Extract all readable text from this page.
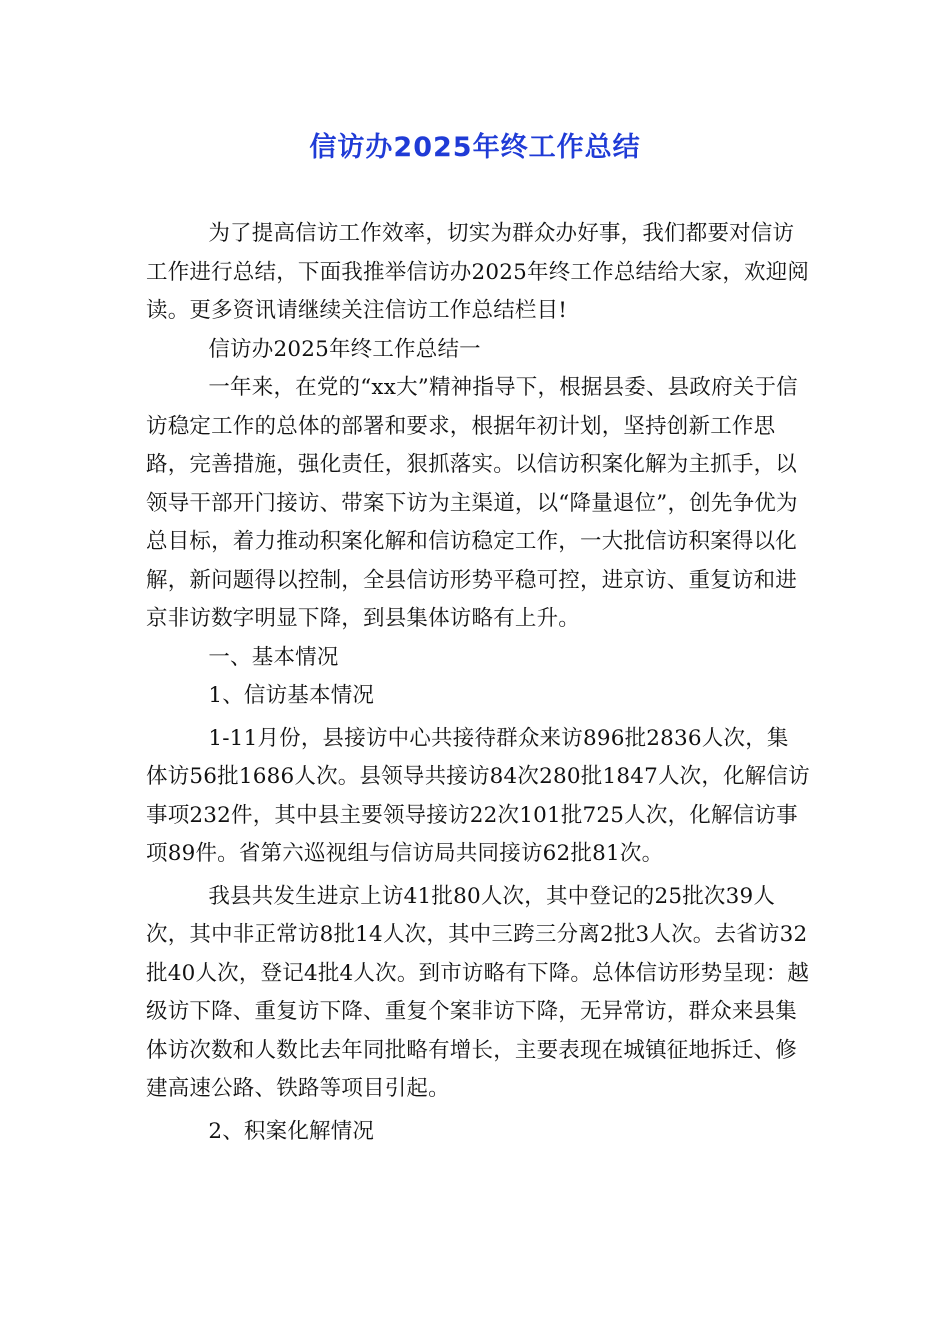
信访办2025年终工作总结

为了提高信访工作效率，切实为群众办好事，我们都要对信访工作进行总结，下面我推举信访办2025年终工作总结给大家，欢迎阅读。更多资讯请继续关注信访工作总结栏目!

信访办2025年终工作总结一

一年来，在党的“xx大”精神指导下，根据县委、县政府关于信访稳定工作的总体的部署和要求，根据年初计划，坚持创新工作思路，完善措施，强化责任，狠抓落实。以信访积案化解为主抓手，以领导干部开门接访、带案下访为主渠道，以“降量退位”，创先争优为总目标，着力推动积案化解和信访稳定工作，一大批信访积案得以化解，新问题得以控制，全县信访形势平稳可控，进京访、重复访和进京非访数字明显下降，到县集体访略有上升。

一、基本情况

1、信访基本情况

1-11月份，县接访中心共接待群众来访896批2836人次，集体访56批1686人次。县领导共接访84次280批1847人次，化解信访事项232件，其中县主要领导接访22次101批725人次，化解信访事项89件。省第六巡视组与信访局共同接访62批81次。

我县共发生进京上访41批80人次，其中登记的25批次39人次，其中非正常访8批14人次，其中三跨三分离2批3人次。去省访32批40人次，登记4批4人次。到市访略有下降。总体信访形势呈现：越级访下降、重复访下降、重复个案非访下降，无异常访，群众来县集体访次数和人数比去年同批略有增长，主要表现在城镇征地拆迁、修建高速公路、铁路等项目引起。

2、积案化解情况
